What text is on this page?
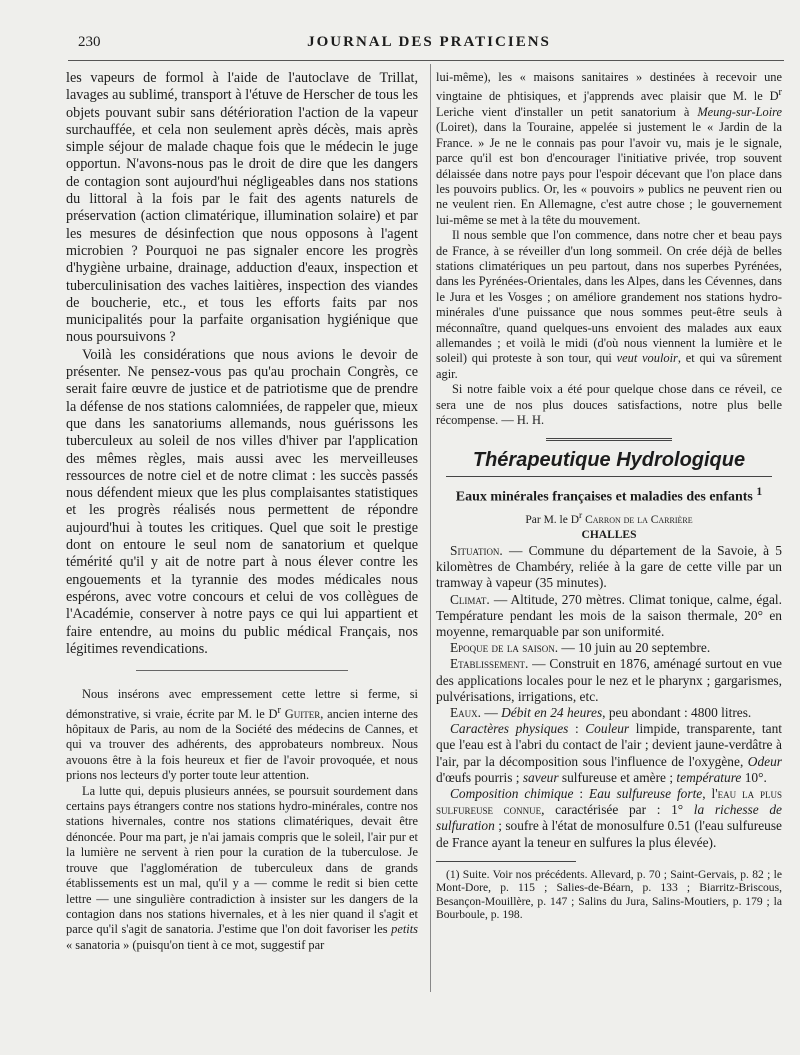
230	JOURNAL DES PRATICIENS

les vapeurs de formol à l'aide de l'autoclave de Trillat, lavages au sublimé, transport à l'étuve de Herscher de tous les objets pouvant subir sans détérioration l'action de la vapeur surchauffée, et cela non seulement après décès, mais après simple séjour de malade chaque fois que le médecin le juge opportun. N'avons-nous pas le droit de dire que les dangers de contagion sont aujourd'hui négligeables dans nos stations du littoral à la fois par le fait des agents naturels de préservation (action climatérique, illumination solaire) et par les mesures de désinfection que nous opposons à l'agent microbien ? Pourquoi ne pas signaler encore les progrès d'hygiène urbaine, drainage, adduction d'eaux, inspection et tuberculinisation des vaches laitières, inspection des viandes de boucherie, etc., et tous les efforts faits par nos municipalités pour la parfaite organisation hygiénique que nous poursuivons ?

Voilà les considérations que nous avions le devoir de présenter. Ne pensez-vous pas qu'au prochain Congrès, ce serait faire œuvre de justice et de patriotisme que de prendre la défense de nos stations calomniées, de rappeler que, mieux que dans les sanatoriums allemands, nous guérissons les tuberculeux au soleil de nos villes d'hiver par l'application des mêmes règles, mais aussi avec les merveilleuses ressources de notre ciel et de notre climat : les succès passés nous défendent mieux que les plus complaisantes statistiques et les progrès réalisés nous permettent de répondre aujourd'hui à toutes les critiques. Quel que soit le prestige dont on entoure le seul nom de sanatorium et quelque témérité qu'il y ait de notre part à nous élever contre les engouements et la tyrannie des modes médicales nous espérons, avec votre concours et celui de vos collègues de l'Académie, conserver à notre pays ce qui lui appartient et faire entendre, au moins du public médical Français, nos légitimes revendications.

Nous insérons avec empressement cette lettre si ferme, si démonstrative, si vraie, écrite par M. le $D^r$ Guiter, ancien interne des hôpitaux de Paris, au nom de la Société des médecins de Cannes, et qui va trouver des adhérents, des approbateurs nombreux. Nous avouons être à la fois heureux et fier de l'avoir provoquée, et nous prions nos lecteurs d'y porter toute leur attention.

La lutte qui, depuis plusieurs années, se poursuit sourdement dans certains pays étrangers contre nos stations hydro-minérales, contre nos stations hivernales, contre nos stations climatériques, devait être dénoncée. Pour ma part, je n'ai jamais compris que le soleil, l'air pur et la lumière ne servent à rien pour la curation de la tuberculose. Je trouve que l'agglomération de tuberculeux dans de grands établissements est un mal, qu'il y a — comme le redit si bien cette lettre — une singulière contradiction à insister sur les dangers de la contagion dans nos stations hivernales, et à les nier quand il s'agit et parce qu'il s'agit de sanatoria. J'estime que l'on doit favoriser les petits « sanatoria » (puisqu'on tient à ce mot, suggestif par

lui-même), les « maisons sanitaires » destinées à recevoir une vingtaine de phtisiques, et j'apprends avec plaisir que M. le $D^r$ Leriche vient d'installer un petit sanatorium à Meung-sur-Loire (Loiret), dans la Touraine, appelée si justement le « Jardin de la France. » Je ne le connais pas pour l'avoir vu, mais je le signale, parce qu'il est bon d'encourager l'initiative privée, trop souvent délaissée dans notre pays pour l'espoir décevant que l'on place dans les pouvoirs publics. Or, les « pouvoirs » publics ne peuvent rien ou ne veulent rien. En Allemagne, c'est autre chose ; le gouvernement lui-même se met à la tête du mouvement.

Il nous semble que l'on commence, dans notre cher et beau pays de France, à se réveiller d'un long sommeil. On crée déjà de belles stations climatériques un peu partout, dans nos superbes Pyrénées, dans les Pyrénées-Orientales, dans les Alpes, dans les Cévennes, dans le Jura et les Vosges ; on améliore grandement nos stations hydro-minérales d'une puissance que nous sommes peut-être seuls à méconnaître, quand quelques-uns envoient des malades aux eaux allemandes ; et voilà le midi (d'où nous viennent la lumière et le soleil) qui proteste à son tour, qui veut vouloir, et qui va sûrement agir.

Si notre faible voix a été pour quelque chose dans ce réveil, ce sera une de nos plus douces satisfactions, notre plus belle récompense. — H. H.

Thérapeutique Hydrologique
Eaux minérales françaises et maladies des enfants $^1$
Par M. le $D^r$ Carron de la Carrière
CHALLES

Situation. — Commune du département de la Savoie, à 5 kilomètres de Chambéry, reliée à la gare de cette ville par un tramway à vapeur (35 minutes).

Climat. — Altitude, 270 mètres. Climat tonique, calme, égal. Température pendant les mois de la saison thermale, 20° en moyenne, remarquable par son uniformité.

Epoque de la saison. — 10 juin au 20 septembre.

Etablissement. — Construit en 1876, aménagé surtout en vue des applications locales pour le nez et le pharynx ; gargarismes, pulvérisations, irrigations, etc.

Eaux. — Débit en 24 heures, peu abondant : 4800 litres.

Caractères physiques : Couleur limpide, transparente, tant que l'eau est à l'abri du contact de l'air ; devient jaune-verdâtre à l'air, par la décomposition sous l'influence de l'oxygène, Odeur d'œufs pourris ; saveur sulfureuse et amère ; température 10°.

Composition chimique : Eau sulfureuse forte, l'eau la plus sulfureuse connue, caractérisée par : 1° la richesse de sulfuration ; soufre à l'état de monosulfure 0.51 (l'eau sulfureuse de France ayant la teneur en sulfures la plus élevée).

(1) Suite. Voir nos précédents. Allevard, p. 70 ; Saint-Gervais, p. 82 ; le Mont-Dore, p. 115 ; Salies-de-Béarn, p. 133 ; Biarritz-Briscous, Besançon-Mouillère, p. 147 ; Salins du Jura, Salins-Moutiers, p. 179 ; la Bourboule, p. 198.
